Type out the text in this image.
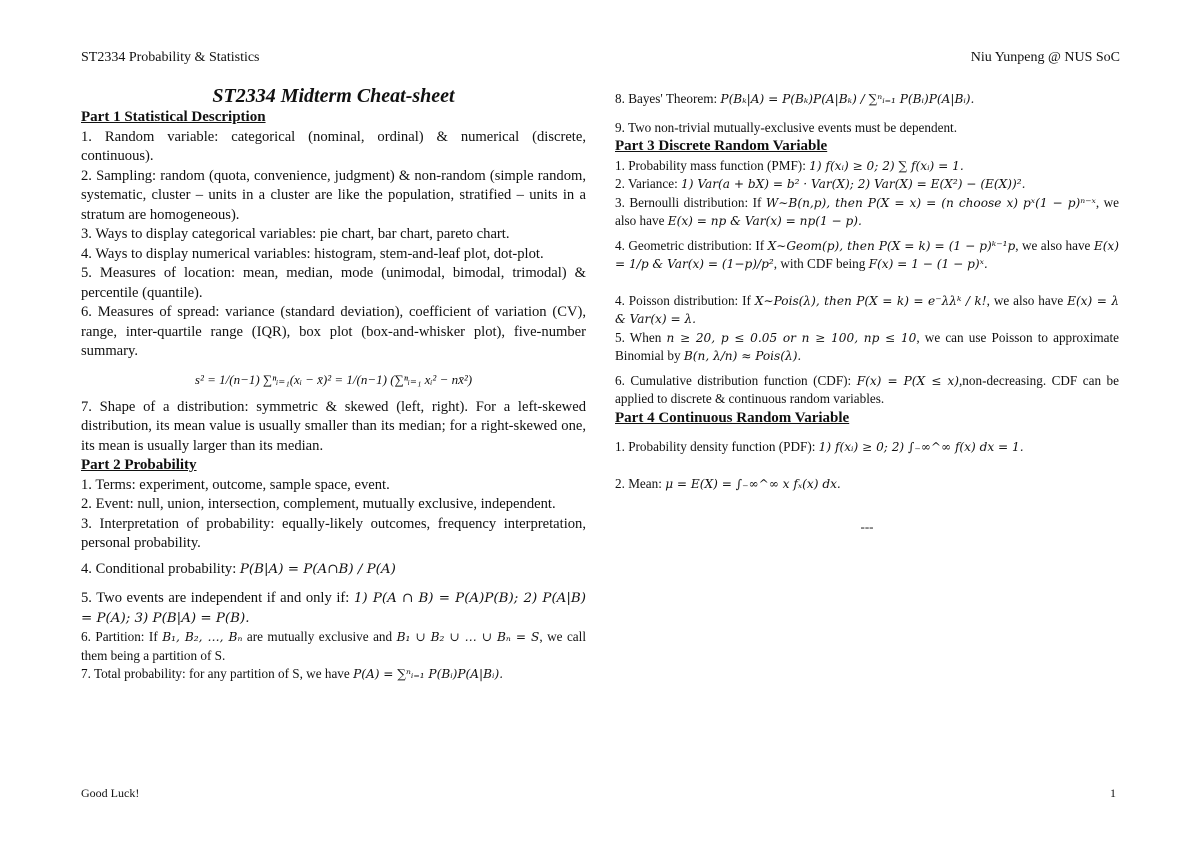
ST2334 Probability & Statistics	Niu Yunpeng @ NUS SoC
ST2334 Midterm Cheat-sheet
Part 1 Statistical Description

1. Random variable: categorical (nominal, ordinal) & numerical (discrete, continuous).

2. Sampling: random (quota, convenience, judgment) & non-random (simple random, systematic, cluster – units in a cluster are like the population, stratified – units in a stratum are homogeneous).

3. Ways to display categorical variables: pie chart, bar chart, pareto chart.

4. Ways to display numerical variables: histogram, stem-and-leaf plot, dot-plot.

5. Measures of location: mean, median, mode (unimodal, bimodal, trimodal) & percentile (quantile).

6. Measures of spread: variance (standard deviation), coefficient of variation (CV), range, inter-quartile range (IQR), box plot (box-and-whisker plot), five-number summary.

s² = 1/(n−1) ∑ⁿᵢ₌₁(xᵢ − x̄)² = 1/(n−1) (∑ⁿᵢ₌₁ xᵢ² − nx̄²)

7. Shape of a distribution: symmetric & skewed (left, right). For a left-skewed distribution, its mean value is usually smaller than its median; for a right-skewed one, its mean is usually larger than its median.

Part 2 Probability

1. Terms: experiment, outcome, sample space, event.

2. Event: null, union, intersection, complement, mutually exclusive, independent.

3. Interpretation of probability: equally-likely outcomes, frequency interpretation, personal probability.

4. Conditional probability: P(B|A) = P(A∩B) / P(A)

5. Two events are independent if and only if: 1) P(A ∩ B) = P(A)P(B); 2) P(A|B) = P(A); 3) P(B|A) = P(B).

6. Partition: If B₁, B₂, …, Bₙ are mutually exclusive and B₁ ∪ B₂ ∪ … ∪ Bₙ = S, we call them being a partition of S.

7. Total probability: for any partition of S, we have P(A) = ∑ⁿᵢ₌₁ P(Bᵢ)P(A|Bᵢ).

8. Bayes' Theorem: P(Bₖ|A) = P(Bₖ)P(A|Bₖ) / ∑ⁿᵢ₌₁ P(Bᵢ)P(A|Bᵢ).

9. Two non-trivial mutually-exclusive events must be dependent.

Part 3 Discrete Random Variable

1. Probability mass function (PMF): 1) f(xᵢ) ≥ 0; 2) ∑ f(xᵢ) = 1.

2. Variance: 1) Var(a + bX) = b² · Var(X); 2) Var(X) = E(X²) − (E(X))².

3. Bernoulli distribution: If W∼B(n,p), then P(X = x) = (n choose x) pˣ(1 − p)ⁿ⁻ˣ, we also have E(x) = np & Var(x) = np(1 − p).

4. Geometric distribution: If X∼Geom(p), then P(X = k) = (1 − p)ᵏ⁻¹p, we also have E(x) = 1/p & Var(x) = (1−p)/p², with CDF being F(x) = 1 − (1 − p)ˣ.

4. Poisson distribution: If X∼Pois(λ), then P(X = k) = e⁻λλᵏ / k!, we also have E(x) = λ & Var(x) = λ.

5. When n ≥ 20, p ≤ 0.05 or n ≥ 100, np ≤ 10, we can use Poisson to approximate Binomial by B(n, λ/n) ≈ Pois(λ).

6. Cumulative distribution function (CDF): F(x) = P(X ≤ x),non-decreasing. CDF can be applied to discrete & continuous random variables.

Part 4 Continuous Random Variable

1. Probability density function (PDF): 1) f(xᵢ) ≥ 0; 2) ∫₋∞^∞ f(x) dx = 1.

2. Mean: μ = E(X) = ∫₋∞^∞ x fₓ(x) dx.

---
Good Luck!	1
